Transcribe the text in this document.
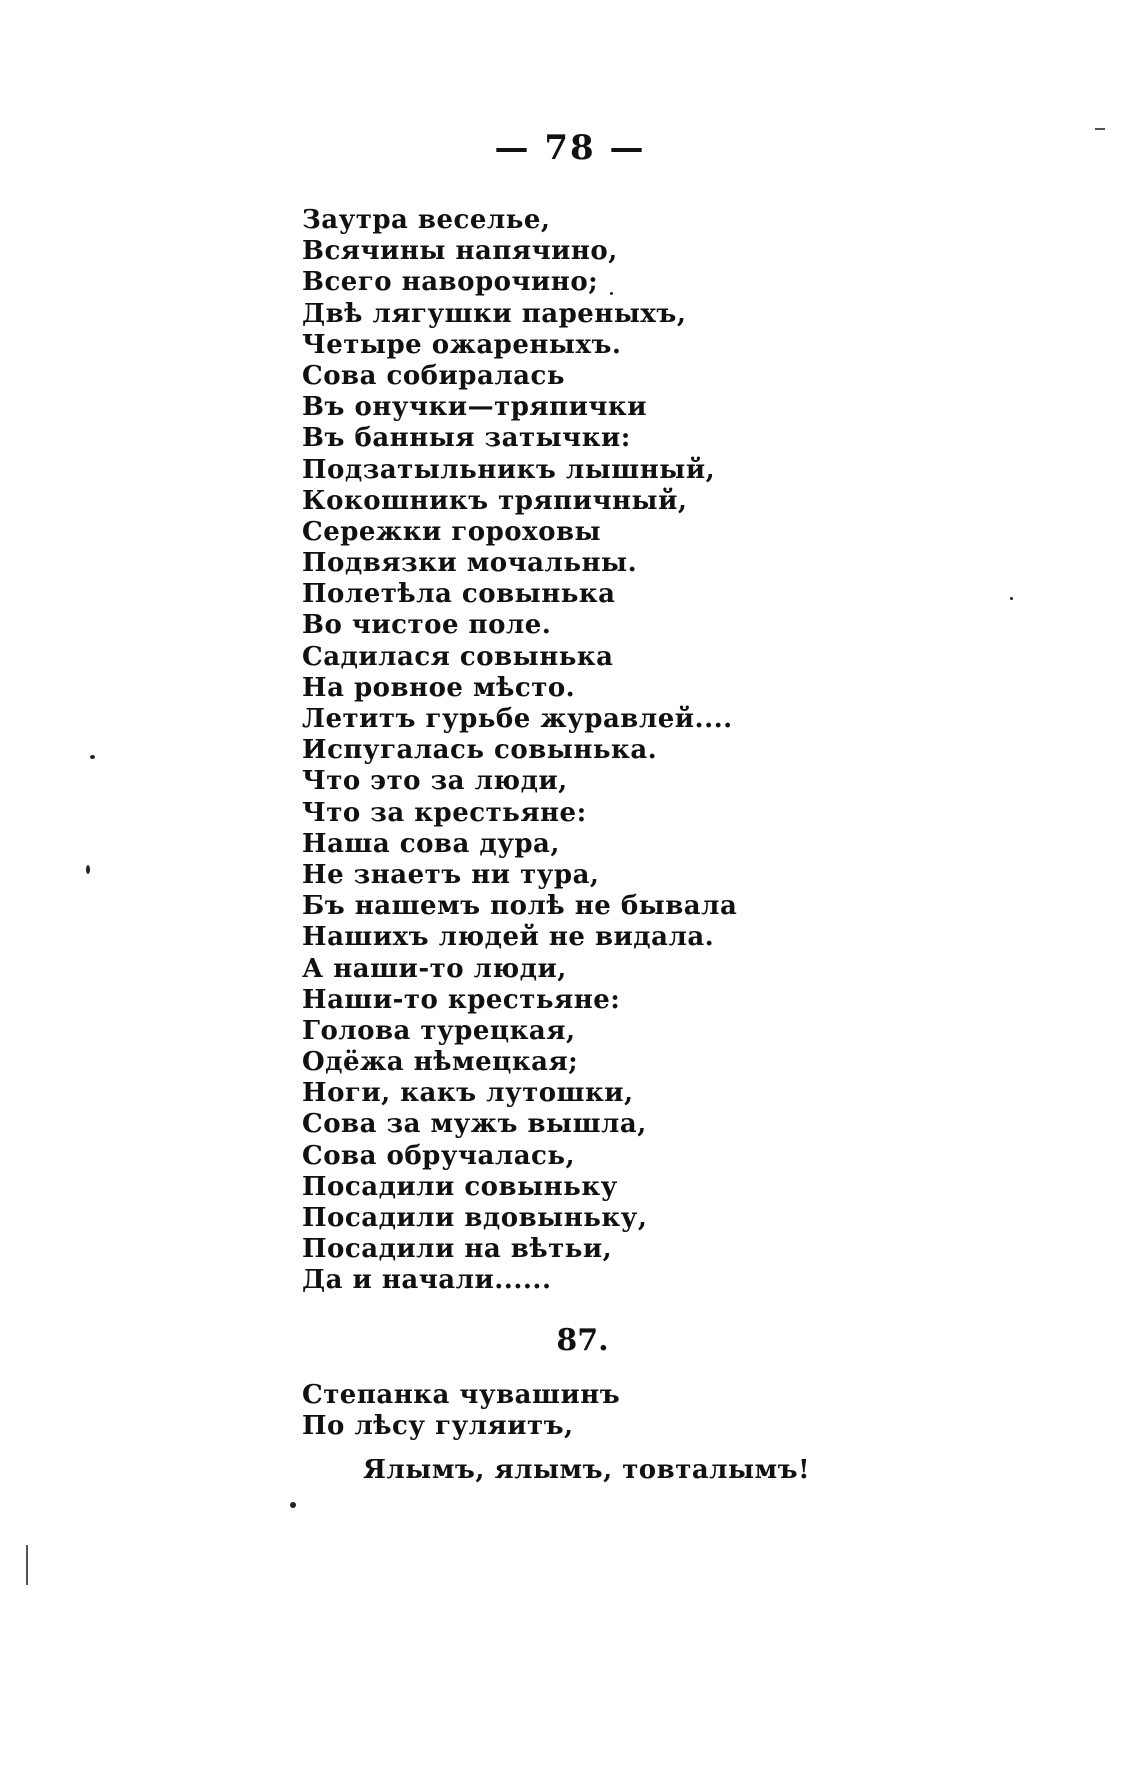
— 78 —
Заутра веселье,
Всячины напячино,
Всего наворочино;
Двѣ лягушки пареныхъ,
Четыре ожареныхъ.
Сова собиралась
Въ онучки—тряпички
Въ банныя затычки:
Подзатыльникъ лышный,
Кокошникъ тряпичный,
Сережки гороховы
Подвязки мочальны.
Полетѣла совынька
Во чистое поле.
Садилася совынька
На ровное мѣсто.
Летитъ гурьбе журавлей....
Испугалась совынька.
Что это за люди,
Что за крестьяне:
Наша сова дура,
Не знаетъ ни тура,
Бъ нашемъ полѣ не бывала
Нашихъ людей не видала.
А наши-то люди,
Наши-то крестьяне:
Голова турецкая,
Одёжа нѣмецкая;
Ноги, какъ лутошки,
Сова за мужъ вышла,
Сова обручалась,
Посадили совыньку
Посадили вдовыньку,
Посадили на вѣтьи,
Да и начали......
87.
Степанка чувашинъ
По лѣсу гуляитъ,
Ялымъ, ялымъ, товталымъ!
